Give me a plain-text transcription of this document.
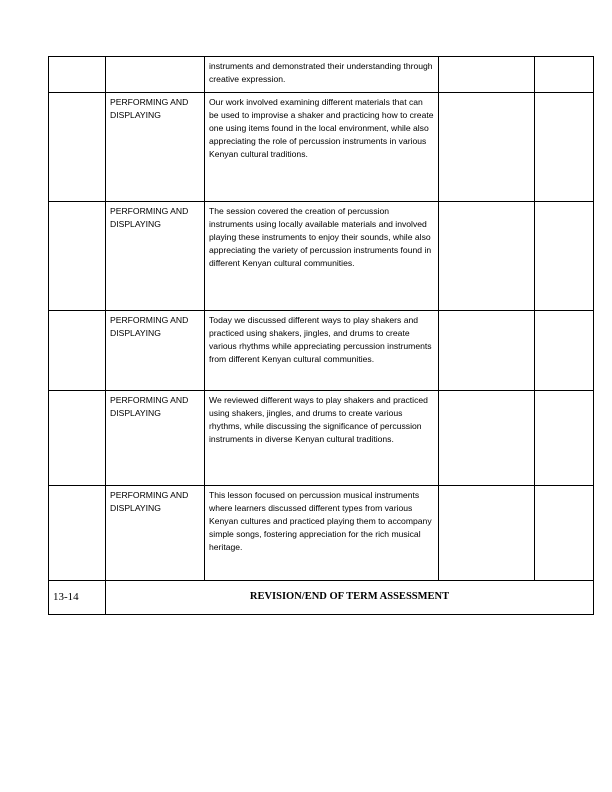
		instruments and demonstrated their understanding through creative expression.		
	PERFORMING AND DISPLAYING	Our work involved examining different materials that can be used to improvise a shaker and practicing how to create one using items found in the local environment, while also appreciating the role of percussion instruments in various Kenyan cultural traditions.		
	PERFORMING AND DISPLAYING	The session covered the creation of percussion instruments using locally available materials and involved playing these instruments to enjoy their sounds, while also appreciating the variety of percussion instruments found in different Kenyan cultural communities.		
	PERFORMING AND DISPLAYING	Today we discussed different ways to play shakers and practiced using shakers, jingles, and drums to create various rhythms while appreciating percussion instruments from different Kenyan cultural communities.		
	PERFORMING AND DISPLAYING	We reviewed different ways to play shakers and practiced using shakers, jingles, and drums to create various rhythms, while discussing the significance of percussion instruments in diverse Kenyan cultural traditions.		
	PERFORMING AND DISPLAYING	This lesson focused on percussion musical instruments where learners discussed different types from various Kenyan cultures and practiced playing them to accompany simple songs, fostering appreciation for the rich musical heritage.		
13-14	REVISION/END OF TERM ASSESSMENT			
